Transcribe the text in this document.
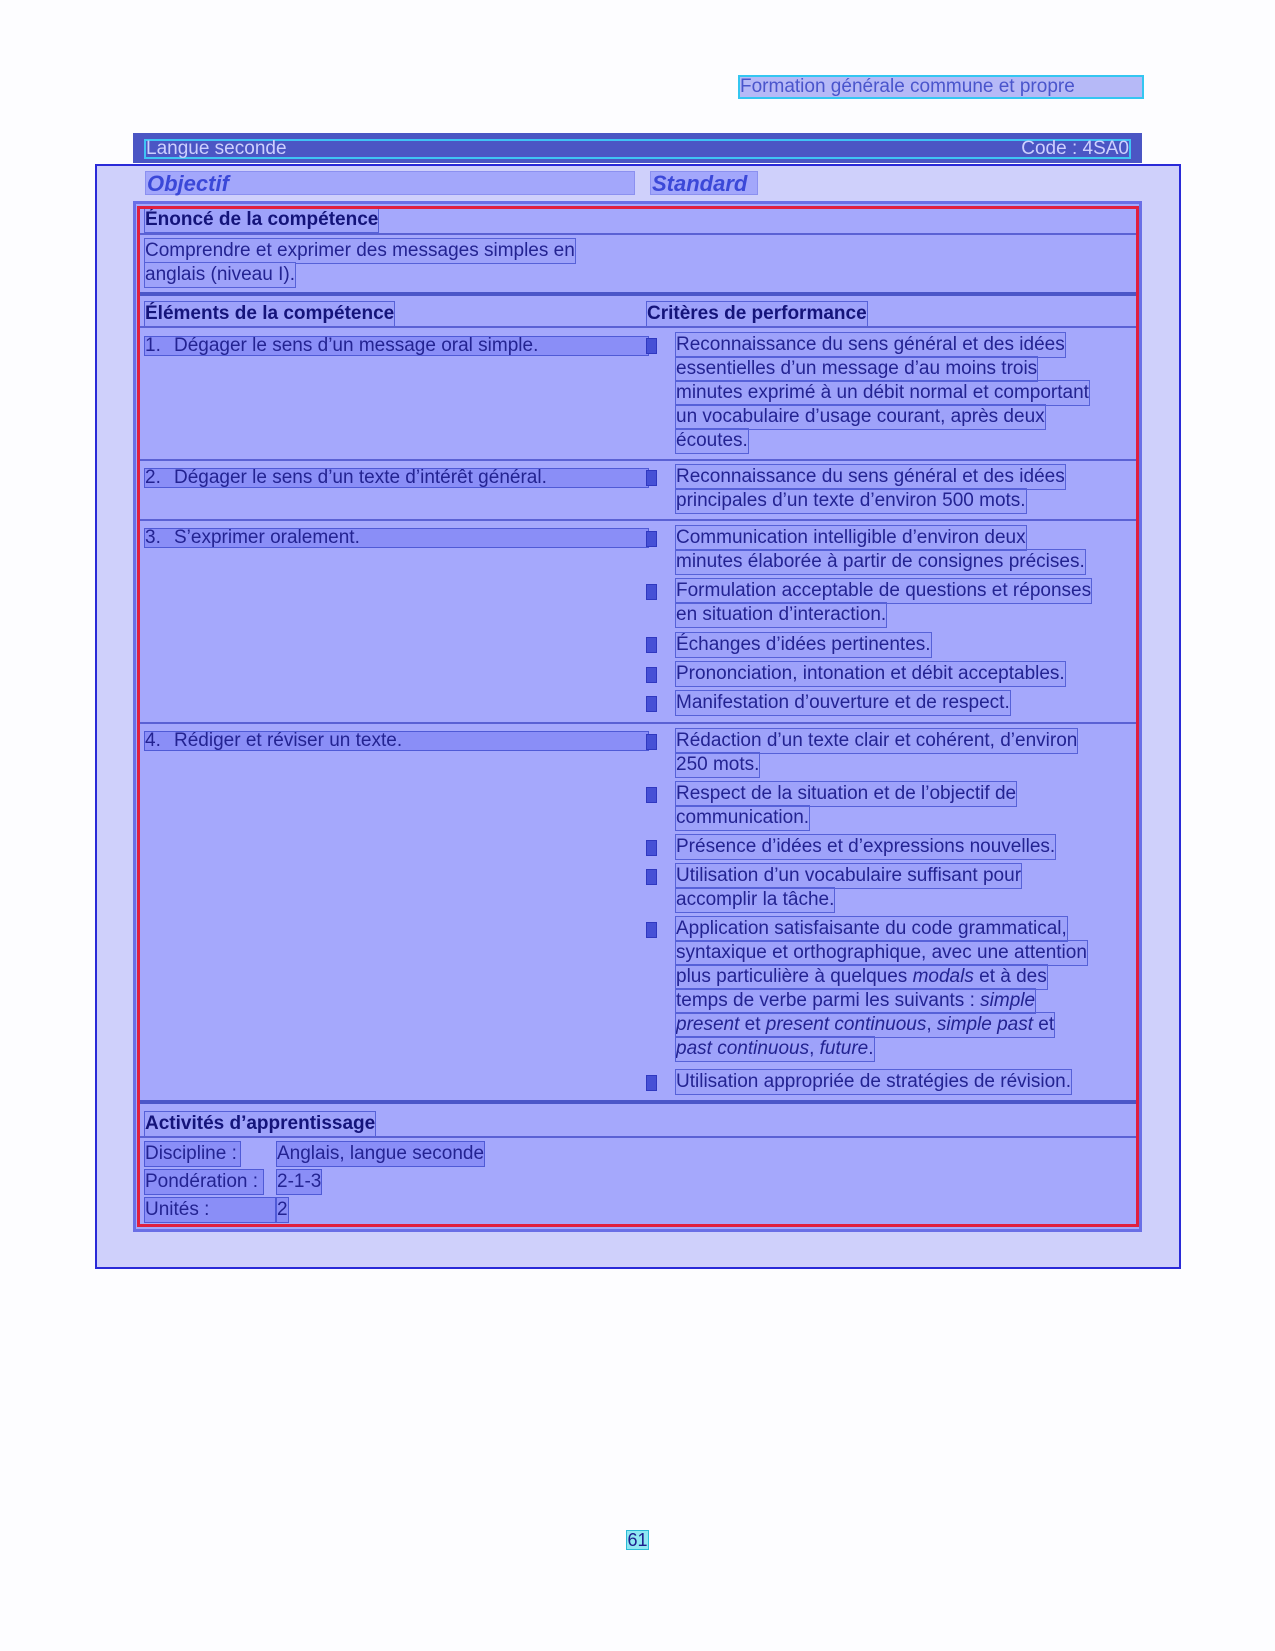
Formation générale commune et propre
Langue seconde	Code : 4SA0
Objectif	Standard
Énoncé de la compétence
Comprendre et exprimer des messages simples en
anglais (niveau I).
Éléments de la compétence	Critères de performance
1. Dégager le sens d’un message oral simple.	Reconnaissance du sens général et des idées
essentielles d’un message d’au moins trois
minutes exprimé à un débit normal et comportant
un vocabulaire d’usage courant, après deux
écoutes.
2. Dégager le sens d’un texte d’intérêt général.	Reconnaissance du sens général et des idées
principales d’un texte d’environ 500 mots.
3. S’exprimer oralement.	Communication intelligible d’environ deux
minutes élaborée à partir de consignes précises.
Formulation acceptable de questions et réponses
en situation d’interaction.
Échanges d’idées pertinentes.
Prononciation, intonation et débit acceptables.
Manifestation d’ouverture et de respect.
4. Rédiger et réviser un texte.	Rédaction d’un texte clair et cohérent, d’environ
250 mots.
Respect de la situation et de l’objectif de
communication.
Présence d’idées et d’expressions nouvelles.
Utilisation d’un vocabulaire suffisant pour
accomplir la tâche.
Application satisfaisante du code grammatical,
syntaxique et orthographique, avec une attention
plus particulière à quelques modals et à des
temps de verbe parmi les suivants : simple
present et present continuous, simple past et
past continuous, future.
Utilisation appropriée de stratégies de révision.
Activités d’apprentissage
Discipline : Anglais, langue seconde
Pondération : 2-1-3
Unités :	2
61
